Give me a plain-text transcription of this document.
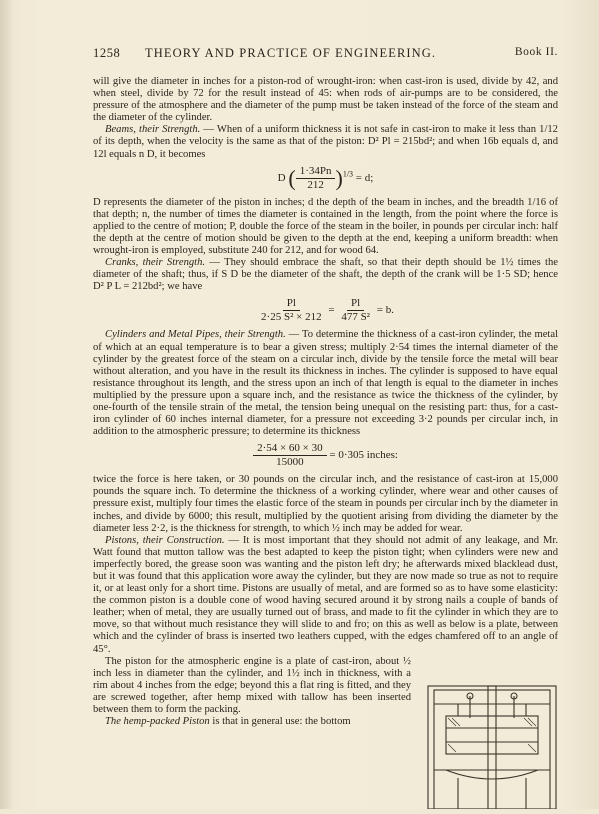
1258 THEORY AND PRACTICE OF ENGINEERING.	Book II.

will give the diameter in inches for a piston-rod of wrought-iron: when cast-iron is used, divide by 42, and when steel, divide by 72 for the result instead of 45: when rods of air-pumps are to be considered, the pressure of the atmosphere and the diameter of the pump must be taken instead of the force of the steam and the diameter of the cylinder.

Beams, their Strength. — When of a uniform thickness it is not safe in cast-iron to make it less than 1/12 of its depth, when the velocity is the same as that of the piston: D² Pl = 215bd²; and when 16b equals d, and 12l equals n D, it becomes

D ( $\frac{1\cdot 34Pn}{212} )^{1/3} = d$;

D represents the diameter of the piston in inches; d the depth of the beam in inches, and the breadth 1/16 of that depth; n, the number of times the diameter is contained in the length, from the point where the force is applied to the centre of motion; P, double the force of the steam in the boiler, in pounds per circular inch: half the depth at the centre of motion should be given to the depth at the end, keeping a uniform breadth: when wrought-iron is employed, substitute 240 for 212, and for wood 64.

Cranks, their Strength. — They should embrace the shaft, so that their depth should be 1½ times the diameter of the shaft; thus, if S D be the diameter of the shaft, the depth of the crank will be 1·5 SD; hence D² P L = 212bd²; we have

$\frac{Pl}{\text{2·25 S² × 212}} = \frac{Pl}{\text{477 S²}} = b$.

Cylinders and Metal Pipes, their Strength. — To determine the thickness of a cast-iron cylinder, the metal of which at an equal temperature is to bear a given stress; multiply 2·54 times the internal diameter of the cylinder by the greatest force of the steam on a circular inch, divide by the tensile force the metal will bear without alteration, and you have in the result its thickness in inches. The cylinder is supposed to have equal resistance throughout its length, and the stress upon an inch of that length is equal to the diameter in inches multiplied by the pressure upon a square inch, and the resistance as twice the thickness of the cylinder, by one-fourth of the tensile strain of the metal, the tension being unequal on the resisting part: thus, for a cast-iron cylinder of 60 inches internal diameter, for a pressure not exceeding 3·2 pounds per circular inch, in addition to the atmospheric pressure; to determine its thickness

$\frac{2\cdot 54 \times 60 \times 30}{15000} = 0\cdot 305$ inches:

twice the force is here taken, or 30 pounds on the circular inch, and the resistance of cast-iron at 15,000 pounds the square inch. To determine the thickness of a working cylinder, where wear and other causes of pressure exist, multiply four times the elastic force of the steam in pounds per circular inch by the diameter in inches, and divide by 6000; this result, multiplied by the quotient arising from dividing the diameter by the diameter less 2·2, is the thickness for strength, to which ½ inch may be added for wear.

Pistons, their Construction. — It is most important that they should not admit of any leakage, and Mr. Watt found that mutton tallow was the best adapted to keep the piston tight; when cylinders were new and imperfectly bored, the grease soon was wanting and the piston left dry; he afterwards mixed blacklead dust, but it was found that this application wore away the cylinder, but they are now made so true as not to require it, or at least only for a short time. Pistons are usually of metal, and are formed so as to have some elasticity: the common piston is a double cone of wood having secured around it by strong nails a couple of bands of leather; when of metal, they are usually turned out of brass, and made to fit the cylinder in which they are to move, so that without much resistance they will slide to and fro; on this as well as below is a plate, between which and the cylinder of brass is inserted two leathers cupped, with the edges chamfered off to an angle of 45°.

The piston for the atmospheric engine is a plate of cast-iron, about ½ inch less in diameter than the cylinder, and 1½ inch in thickness, with a rim about 4 inches from the edge; beyond this a flat ring is fitted, and they are screwed together, after hemp mixed with tallow has been inserted between them to form the packing.

The hemp-packed Piston is that in general use: the bottom
